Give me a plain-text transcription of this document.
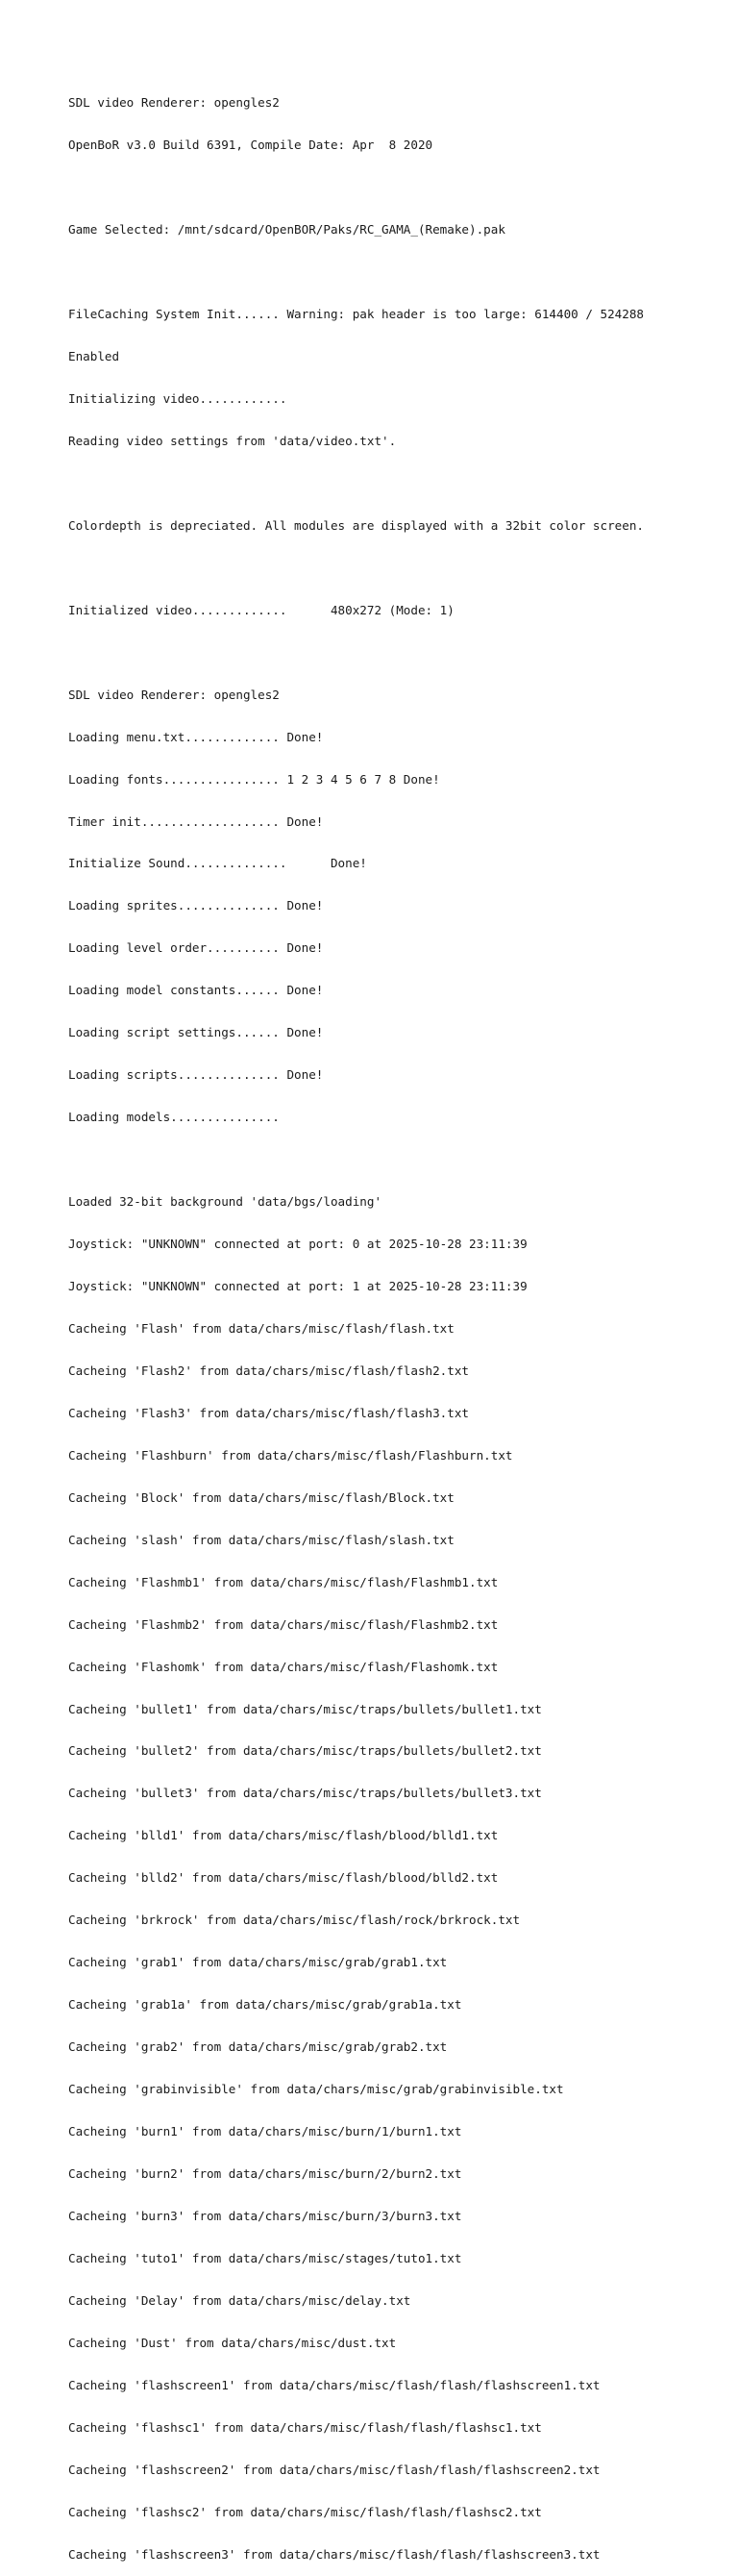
SDL video Renderer: opengles2

OpenBoR v3.0 Build 6391, Compile Date: Apr  8 2020

Game Selected: /mnt/sdcard/OpenBOR/Paks/RC_GAMA_(Remake).pak

FileCaching System Init...... Warning: pak header is too large: 614400 / 524288

Enabled

Initializing video............

Reading video settings from 'data/video.txt'.

Colordepth is depreciated. All modules are displayed with a 32bit color screen.

Initialized video.............      480x272 (Mode: 1)

SDL video Renderer: opengles2

Loading menu.txt............. Done!

Loading fonts................ 1 2 3 4 5 6 7 8 Done!

Timer init................... Done!

Initialize Sound..............      Done!

Loading sprites.............. Done!

Loading level order.......... Done!

Loading model constants...... Done!

Loading script settings...... Done!

Loading scripts.............. Done!

Loading models...............

Loaded 32-bit background 'data/bgs/loading'

Joystick: "UNKNOWN" connected at port: 0 at 2025-10-28 23:11:39

Joystick: "UNKNOWN" connected at port: 1 at 2025-10-28 23:11:39

Cacheing 'Flash' from data/chars/misc/flash/flash.txt

Cacheing 'Flash2' from data/chars/misc/flash/flash2.txt

Cacheing 'Flash3' from data/chars/misc/flash/flash3.txt

Cacheing 'Flashburn' from data/chars/misc/flash/Flashburn.txt

Cacheing 'Block' from data/chars/misc/flash/Block.txt

Cacheing 'slash' from data/chars/misc/flash/slash.txt

Cacheing 'Flashmb1' from data/chars/misc/flash/Flashmb1.txt

Cacheing 'Flashmb2' from data/chars/misc/flash/Flashmb2.txt

Cacheing 'Flashomk' from data/chars/misc/flash/Flashomk.txt

Cacheing 'bullet1' from data/chars/misc/traps/bullets/bullet1.txt

Cacheing 'bullet2' from data/chars/misc/traps/bullets/bullet2.txt

Cacheing 'bullet3' from data/chars/misc/traps/bullets/bullet3.txt

Cacheing 'blld1' from data/chars/misc/flash/blood/blld1.txt

Cacheing 'blld2' from data/chars/misc/flash/blood/blld2.txt

Cacheing 'brkrock' from data/chars/misc/flash/rock/brkrock.txt

Cacheing 'grab1' from data/chars/misc/grab/grab1.txt

Cacheing 'grab1a' from data/chars/misc/grab/grab1a.txt

Cacheing 'grab2' from data/chars/misc/grab/grab2.txt

Cacheing 'grabinvisible' from data/chars/misc/grab/grabinvisible.txt

Cacheing 'burn1' from data/chars/misc/burn/1/burn1.txt

Cacheing 'burn2' from data/chars/misc/burn/2/burn2.txt

Cacheing 'burn3' from data/chars/misc/burn/3/burn3.txt

Cacheing 'tuto1' from data/chars/misc/stages/tuto1.txt

Cacheing 'Delay' from data/chars/misc/delay.txt

Cacheing 'Dust' from data/chars/misc/dust.txt

Cacheing 'flashscreen1' from data/chars/misc/flash/flash/flashscreen1.txt

Cacheing 'flashsc1' from data/chars/misc/flash/flash/flashsc1.txt

Cacheing 'flashscreen2' from data/chars/misc/flash/flash/flashscreen2.txt

Cacheing 'flashsc2' from data/chars/misc/flash/flash/flashsc2.txt

Cacheing 'flashscreen3' from data/chars/misc/flash/flash/flashscreen3.txt
